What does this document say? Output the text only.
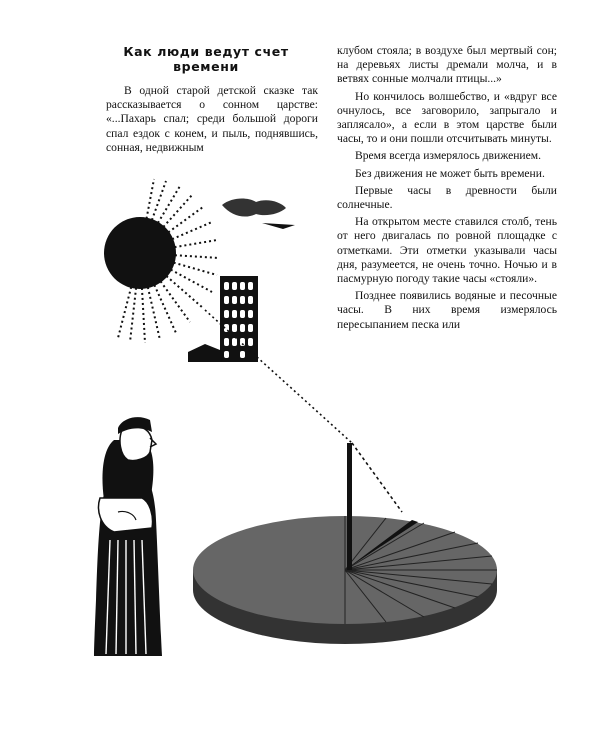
Как люди ведут счет
времени

В одной старой детской сказке так рассказывается о сонном царстве: «...Пахарь спал; среди большой дороги спал ездок с конем, и пыль, поднявшись, сонная, недвижным

клубом стояла; в воздухе был мертвый сон; на деревьях листы дремали молча, и в ветвях сонные молчали птицы...»

Но кончилось волшебство, и «вдруг все очнулось, все заговорило, запрыгало и заплясало», а если в этом царстве были часы, то и они пошли отсчитывать минуты.

Время всегда измерялось движением.

Без движения не может быть времени.

Первые часы в древности были солнечные.

На открытом месте ставился столб, тень от него двигалась по ровной площадке с отметками. Эти отметки указывали часы дня, разумеется, не очень точно. Ночью и в пасмурную погоду такие часы «стояли».

Позднее появились водяные и песочные часы. В них время измерялось пересыпанием песка или
